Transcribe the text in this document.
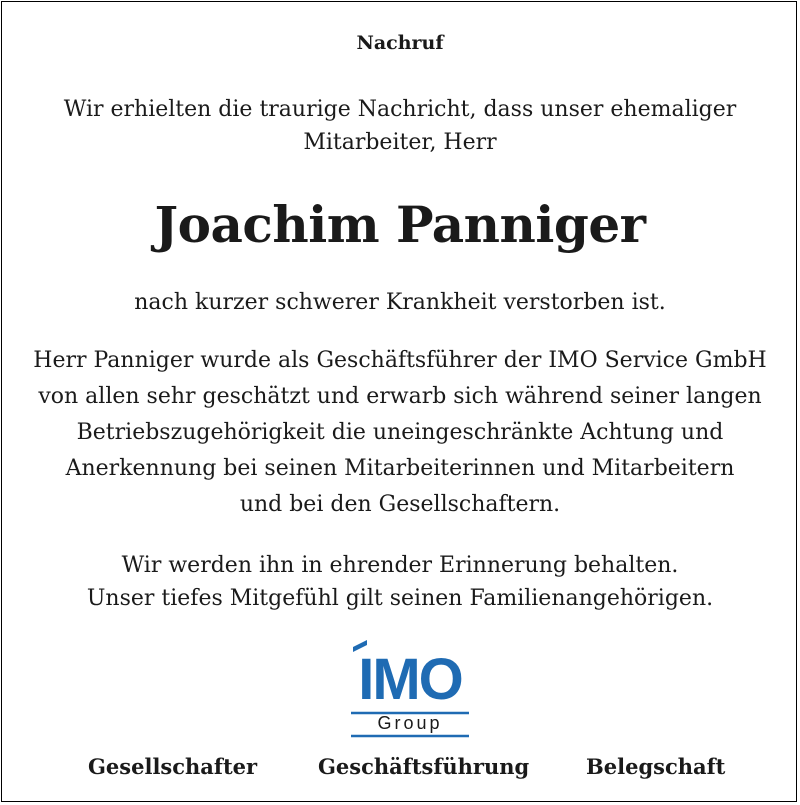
Nachruf
Wir erhielten die traurige Nachricht, dass unser ehemaliger
Mitarbeiter, Herr
Joachim Panniger
nach kurzer schwerer Krankheit verstorben ist.
Herr Panniger wurde als Geschäftsführer der IMO Service GmbH
von allen sehr geschätzt und erwarb sich während seiner langen
Betriebszugehörigkeit die uneingeschränkte Achtung und
Anerkennung bei seinen Mitarbeiterinnen und Mitarbeitern
und bei den Gesellschaftern.
Wir werden ihn in ehrender Erinnerung behalten.
Unser tiefes Mitgefühl gilt seinen Familienangehörigen.
IMO
Group
Gesellschafter	Geschäftsführung	Belegschaft
